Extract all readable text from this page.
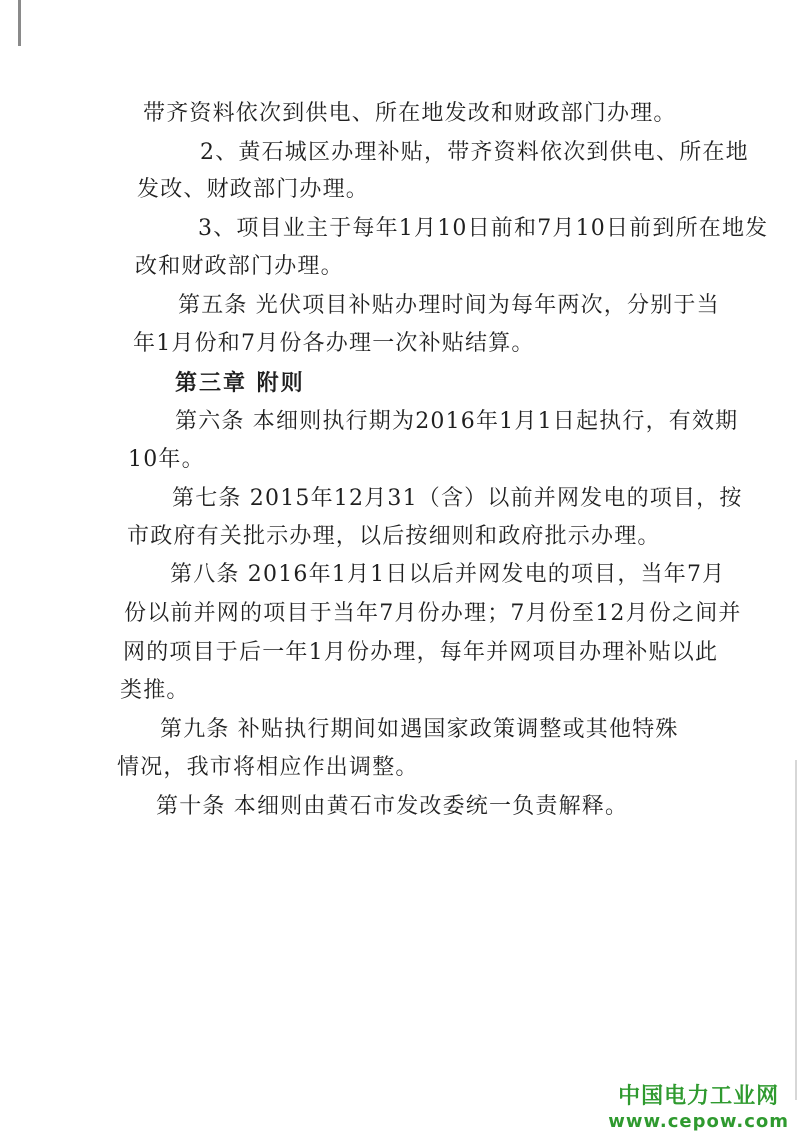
带齐资料依次到供电、所在地发改和财政部门办理。
2、黄石城区办理补贴，带齐资料依次到供电、所在地
发改、财政部门办理。
3、项目业主于每年1月10日前和7月10日前到所在地发
改和财政部门办理。
第五条 光伏项目补贴办理时间为每年两次，分别于当
年1月份和7月份各办理一次补贴结算。
第三章 附则
第六条 本细则执行期为2016年1月1日起执行，有效期
10年。
第七条 2015年12月31（含）以前并网发电的项目，按
市政府有关批示办理，以后按细则和政府批示办理。
第八条 2016年1月1日以后并网发电的项目，当年7月
份以前并网的项目于当年7月份办理；7月份至12月份之间并
网的项目于后一年1月份办理，每年并网项目办理补贴以此
类推。
第九条 补贴执行期间如遇国家政策调整或其他特殊
情况，我市将相应作出调整。
第十条 本细则由黄石市发改委统一负责解释。
中国电力工业网
www.cepow.com
